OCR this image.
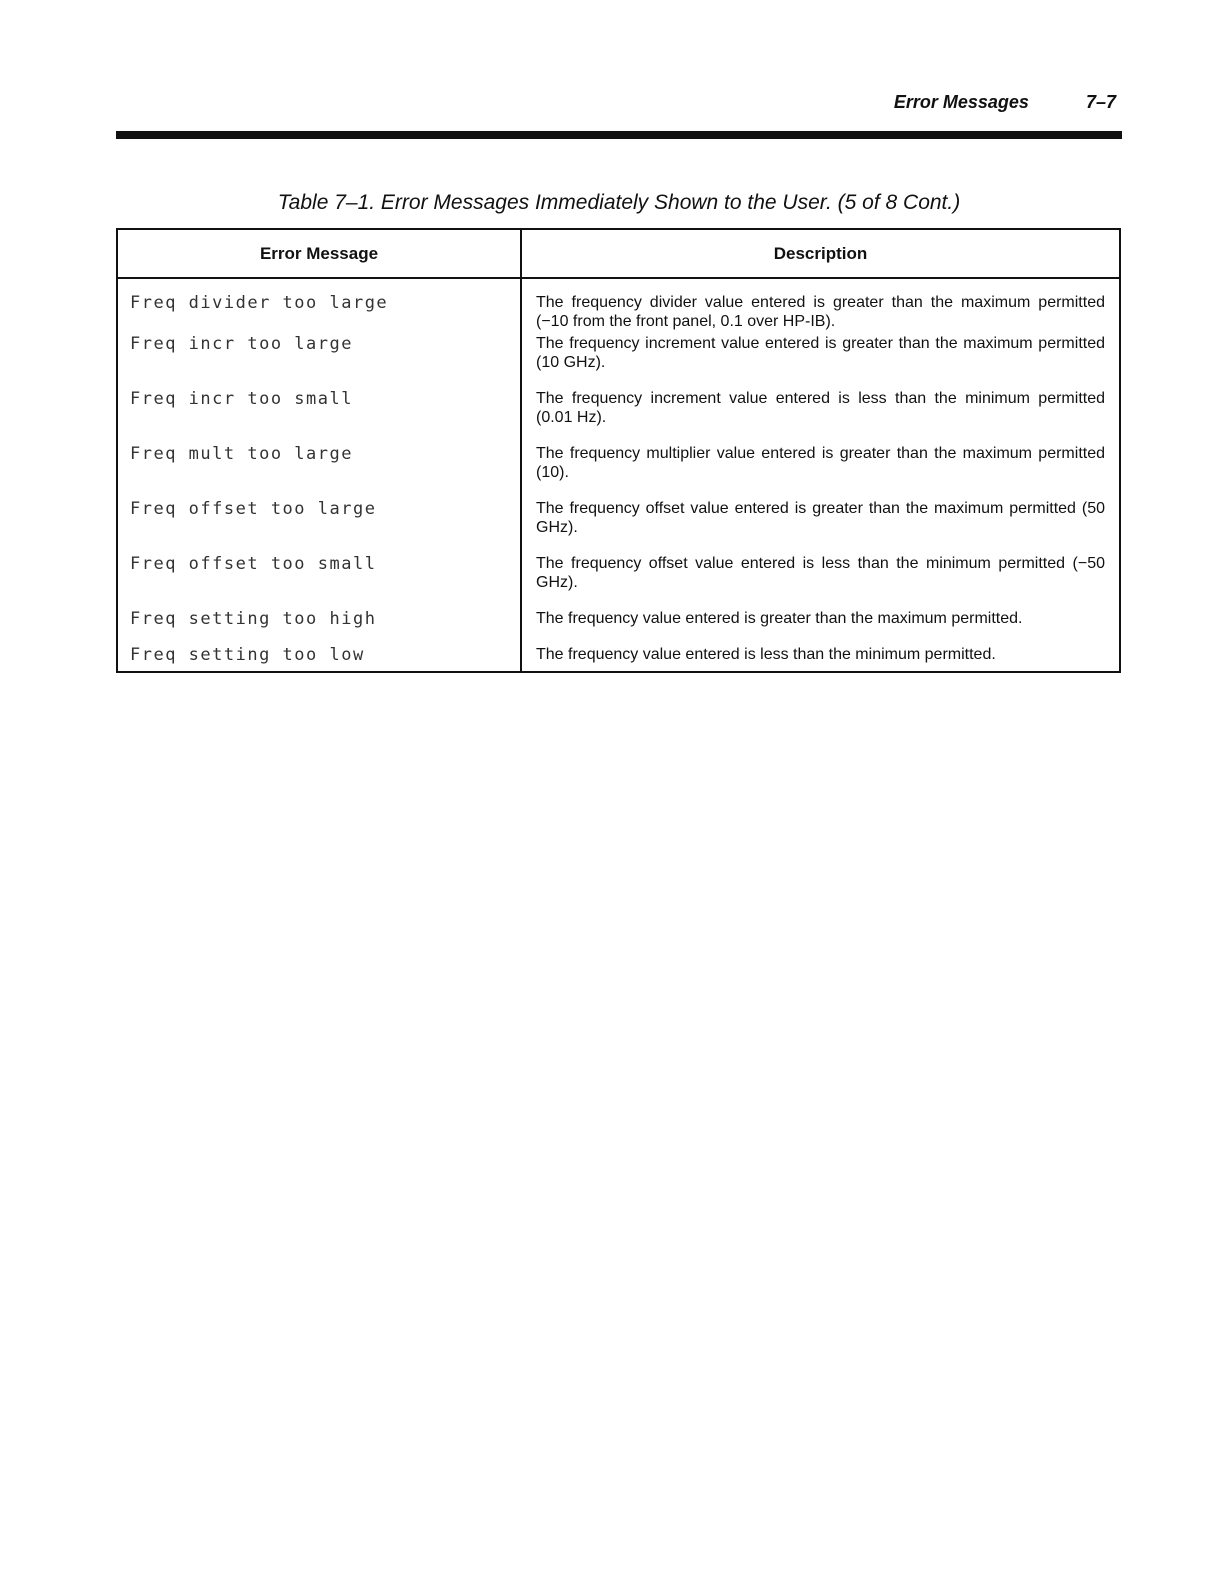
Error Messages	7–7
Table 7–1. Error Messages Immediately Shown to the User. (5 of 8 Cont.)
Error Message	Description
Freq divider too large	The frequency divider value entered is greater than the maximum permitted (−10 from the front panel, 0.1 over HP-IB).
Freq incr too large	The frequency increment value entered is greater than the maximum permitted (10 GHz).
Freq incr too small	The frequency increment value entered is less than the minimum permitted (0.01 Hz).
Freq mult too large	The frequency multiplier value entered is greater than the maximum permitted (10).
Freq offset too large	The frequency offset value entered is greater than the maximum permitted (50 GHz).
Freq offset too small	The frequency offset value entered is less than the minimum permitted (−50 GHz).
Freq setting too high	The frequency value entered is greater than the maximum permitted.
Freq setting too low	The frequency value entered is less than the minimum permitted.
